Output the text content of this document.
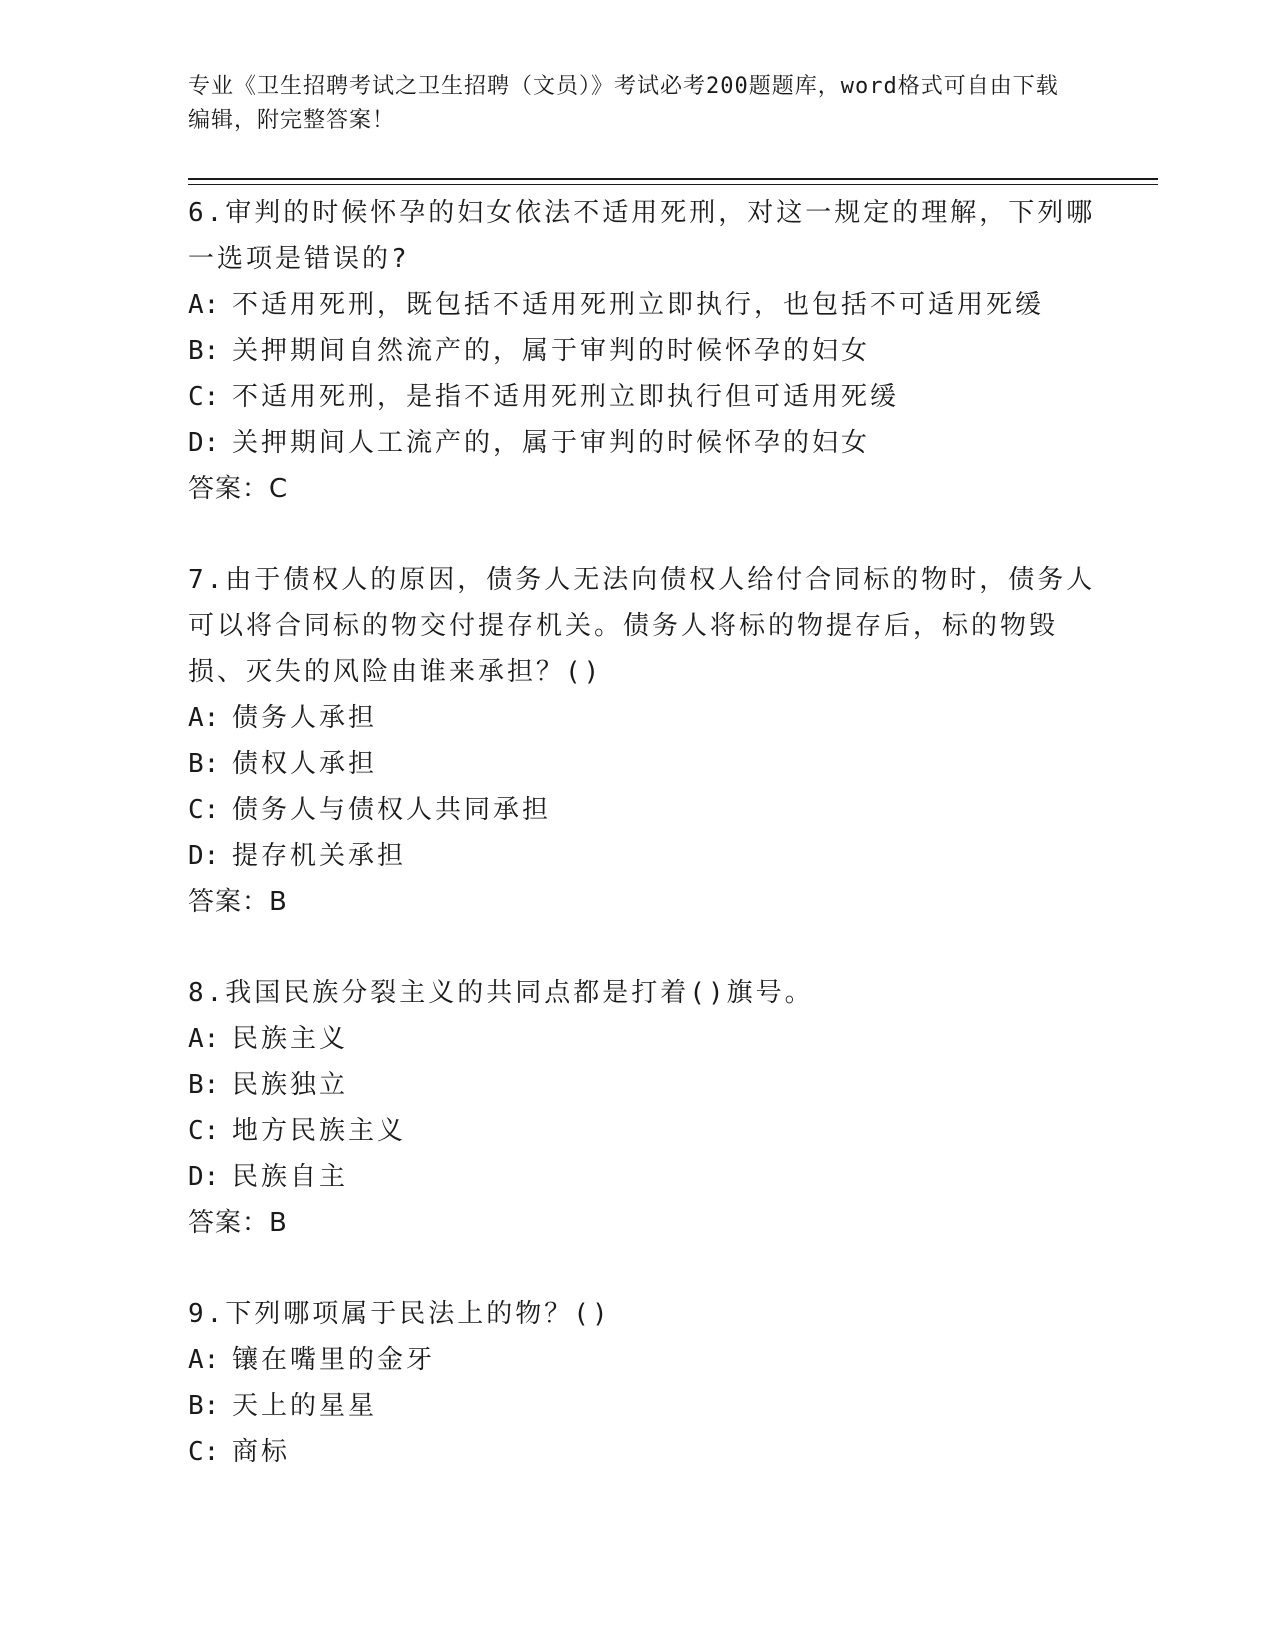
专业《卫生招聘考试之卫生招聘（文员）》考试必考200题题库，word格式可自由下载编辑，附完整答案！

6.审判的时候怀孕的妇女依法不适用死刑，对这一规定的理解，下列哪一选项是错误的?

A: 不适用死刑，既包括不适用死刑立即执行，也包括不可适用死缓
B: 关押期间自然流产的，属于审判的时候怀孕的妇女
C: 不适用死刑，是指不适用死刑立即执行但可适用死缓
D: 关押期间人工流产的，属于审判的时候怀孕的妇女
答案：C

7.由于债权人的原因，债务人无法向债权人给付合同标的物时，债务人可以将合同标的物交付提存机关。债务人将标的物提存后，标的物毁损、灭失的风险由谁来承担？()

A: 债务人承担
B: 债权人承担
C: 债务人与债权人共同承担
D: 提存机关承担
答案：B

8.我国民族分裂主义的共同点都是打着()旗号。

A: 民族主义
B: 民族独立
C: 地方民族主义
D: 民族自主
答案：B

9.下列哪项属于民法上的物？()

A: 镶在嘴里的金牙
B: 天上的星星
C: 商标
